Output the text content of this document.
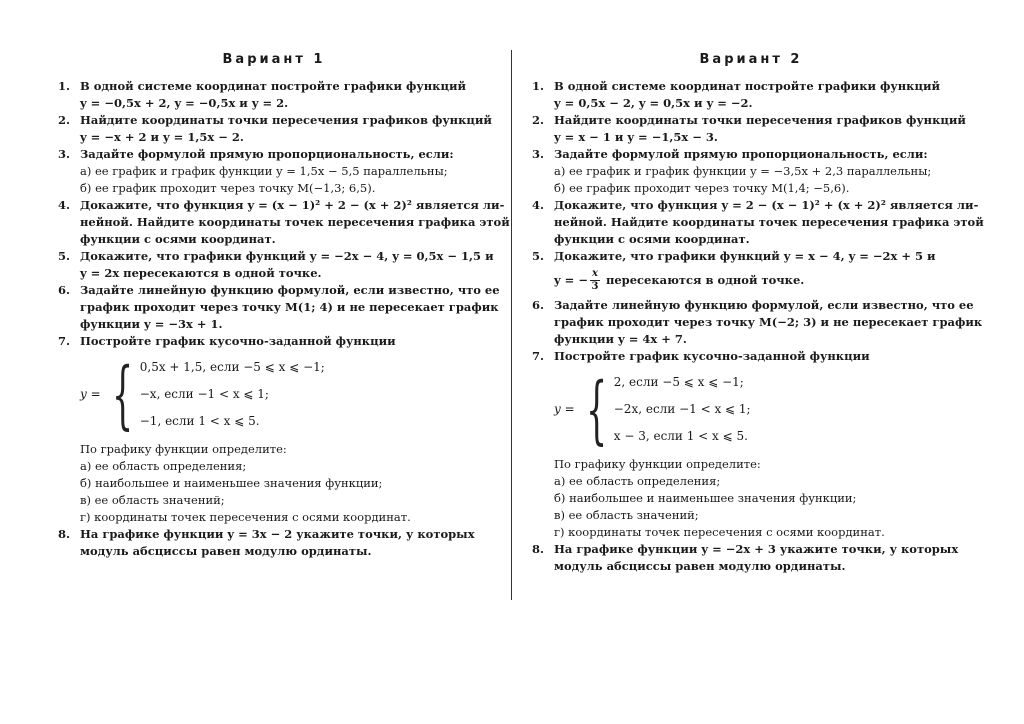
Вариант 1
1. В одной системе координат постройте графики функций
y = −0,5x + 2, y = −0,5x и y = 2.
2. Найдите координаты точки пересечения графиков функций
y = −x + 2 и y = 1,5x − 2.
3. Задайте формулой прямую пропорциональность, если:
а) ее график и график функции y = 1,5x − 5,5 параллельны;
б) ее график проходит через точку M(−1,3; 6,5).
4. Докажите, что функция y = (x − 1)² + 2 − (x + 2)² является ли-
нейной. Найдите координаты точек пересечения графика этой
функции с осями координат.
5. Докажите, что графики функций y = −2x − 4, y = 0,5x − 1,5 и
y = 2x пересекаются в одной точке.
6. Задайте линейную функцию формулой, если известно, что ее
график проходит через точку M(1; 4) и не пересекает график
функции y = −3x + 1.
7. Постройте график кусочно-заданной функции
y = { 0,5x + 1,5, если −5 ⩽ x ⩽ −1;
−x, если −1 < x ⩽ 1;
−1, если 1 < x ⩽ 5.
По графику функции определите:
а) ее область определения;
б) наибольшее и наименьшее значения функции;
в) ее область значений;
г) координаты точек пересечения с осями координат.
8. На графике функции y = 3x − 2 укажите точки, у которых
модуль абсциссы равен модулю ординаты.
Вариант 2
1. В одной системе координат постройте графики функций
y = 0,5x − 2, y = 0,5x и y = −2.
2. Найдите координаты точки пересечения графиков функций
y = x − 1 и y = −1,5x − 3.
3. Задайте формулой прямую пропорциональность, если:
а) ее график и график функции y = −3,5x + 2,3 параллельны;
б) ее график проходит через точку M(1,4; −5,6).
4. Докажите, что функция y = 2 − (x − 1)² + (x + 2)² является ли-
нейной. Найдите координаты точек пересечения графика этой
функции с осями координат.
5. Докажите, что графики функций y = x − 4, y = −2x + 5 и
y = − $\frac{x}{3}$ пересекаются в одной точке.
6. Задайте линейную функцию формулой, если известно, что ее
график проходит через точку M(−2; 3) и не пересекает график
функции y = 4x + 7.
7. Постройте график кусочно-заданной функции
y = { 2, если −5 ⩽ x ⩽ −1;
−2x, если −1 < x ⩽ 1;
x − 3, если 1 < x ⩽ 5.
По графику функции определите:
а) ее область определения;
б) наибольшее и наименьшее значения функции;
в) ее область значений;
г) координаты точек пересечения с осями координат.
8. На графике функции y = −2x + 3 укажите точки, у которых
модуль абсциссы равен модулю ординаты.
